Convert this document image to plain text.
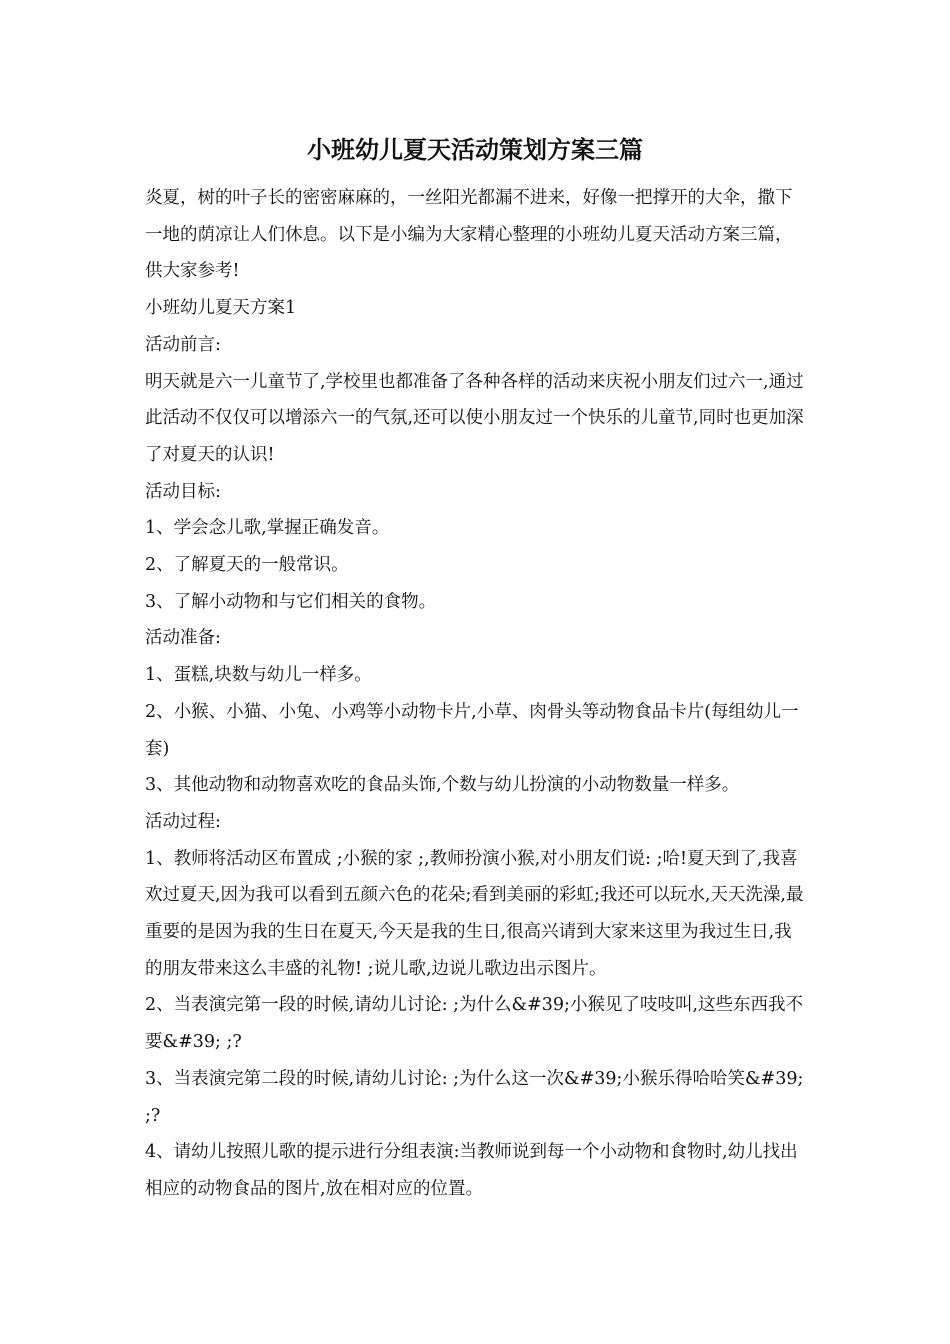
小班幼儿夏天活动策划方案三篇

炎夏，树的叶子长的密密麻麻的，一丝阳光都漏不进来，好像一把撑开的大伞，撒下一地的荫凉让人们休息。以下是小编为大家精心整理的小班幼儿夏天活动方案三篇，供大家参考!

小班幼儿夏天方案1

活动前言:

明天就是六一儿童节了,学校里也都准备了各种各样的活动来庆祝小朋友们过六一,通过此活动不仅仅可以增添六一的气氛,还可以使小朋友过一个快乐的儿童节,同时也更加深了对夏天的认识!

活动目标:

1、学会念儿歌,掌握正确发音。

2、了解夏天的一般常识。

3、了解小动物和与它们相关的食物。

活动准备:

1、蛋糕,块数与幼儿一样多。

2、小猴、小猫、小兔、小鸡等小动物卡片,小草、肉骨头等动物食品卡片(每组幼儿一套)

3、其他动物和动物喜欢吃的食品头饰,个数与幼儿扮演的小动物数量一样多。

活动过程:

1、教师将活动区布置成 ;小猴的家 ;,教师扮演小猴,对小朋友们说: ;哈!夏天到了,我喜欢过夏天,因为我可以看到五颜六色的花朵;看到美丽的彩虹;我还可以玩水,天天洗澡,最重要的是因为我的生日在夏天,今天是我的生日,很高兴请到大家来这里为我过生日,我的朋友带来这么丰盛的礼物! ;说儿歌,边说儿歌边出示图片。

2、当表演完第一段的时候,请幼儿讨论: ;为什么&#39;小猴见了吱吱叫,这些东西我不要&#39; ;?

3、当表演完第二段的时候,请幼儿讨论: ;为什么这一次&#39;小猴乐得哈哈笑&#39; ;?

4、请幼儿按照儿歌的提示进行分组表演:当教师说到每一个小动物和食物时,幼儿找出相应的动物食品的图片,放在相对应的位置。
